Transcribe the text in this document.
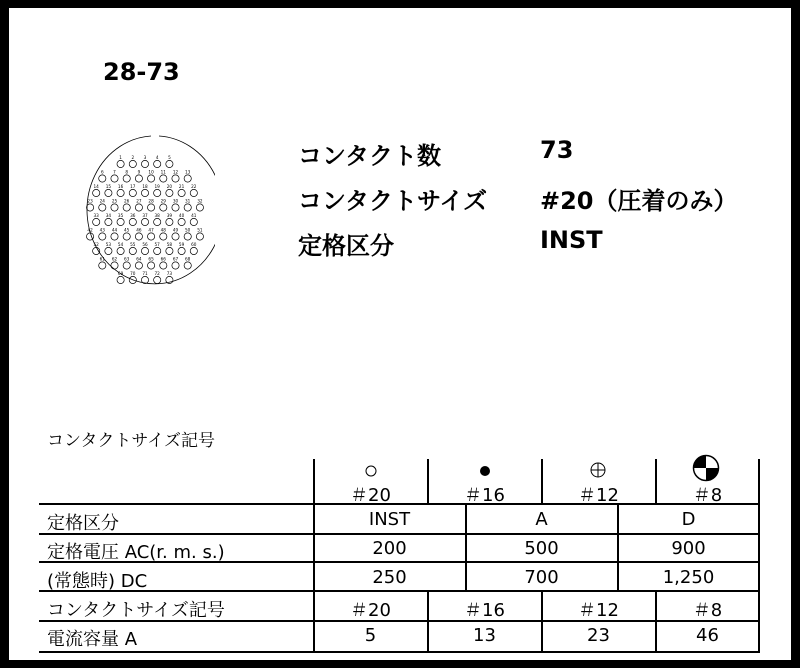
28-73
1 2 3 4 5
6 7 8 9 10 11 12 13
14 15 16 17 18 19 20 21 22
23 24 25 26 27 28 29 30 31 32
33 34 35 36 37 38 39 40 41
42 43 44 45 46 47 48 49 50 51
52 53 54 55 56 57 58 59 60
61 62 63 64 65 66 67 68
69 70 71 72 73
コンタクト数	73
コンタクトサイズ #20（圧着のみ）
定格区分	INST
コンタクトサイズ記号
＃20	＃16	＃12	＃8
定格区分	INST	A	D
定格電圧 AC(r. m. s.)	200	500	900
(常態時) DC	250	700	1,250
コンタクトサイズ記号	＃20	＃16	＃12	＃8
電流容量 A	5	13	23	46
